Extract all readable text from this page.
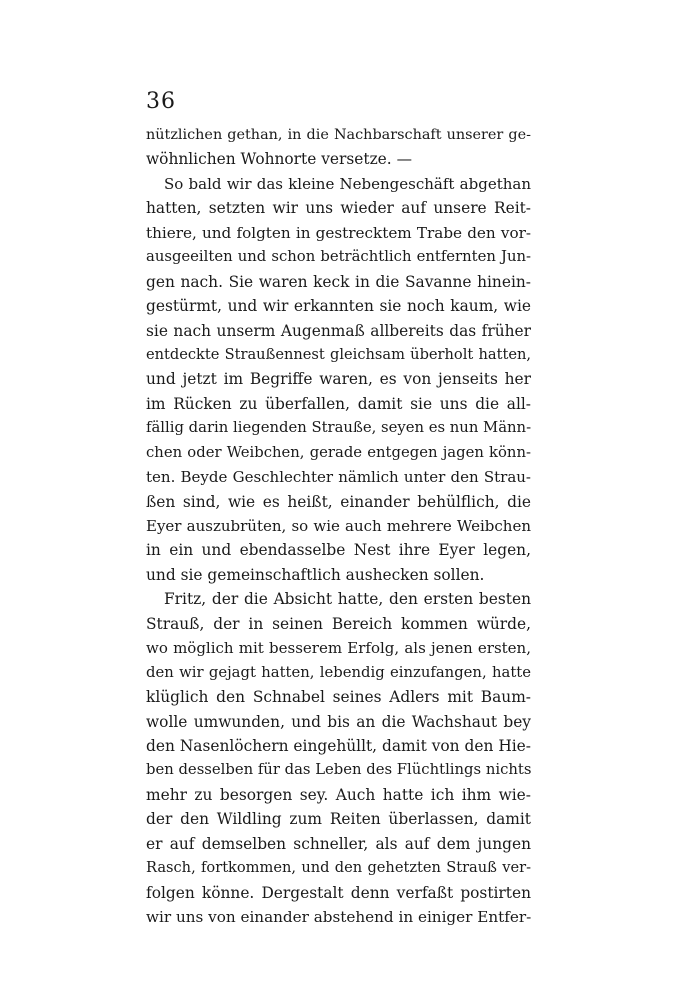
36
nützlichen gethan, in die Nachbarschaft unserer ge-
wöhnlichen Wohnorte versetze. —
So bald wir das kleine Nebengeschäft abgethan
hatten, setzten wir uns wieder auf unsere Reit-
thiere, und folgten in gestrecktem Trabe den vor-
ausgeeilten und schon beträchtlich entfernten Jun-
gen nach. Sie waren keck in die Savanne hinein-
gestürmt, und wir erkannten sie noch kaum, wie
sie nach unserm Augenmaß allbereits das früher
entdeckte Straußennest gleichsam überholt hatten,
und jetzt im Begriffe waren, es von jenseits her
im Rücken zu überfallen, damit sie uns die all-
fällig darin liegenden Strauße, seyen es nun Männ-
chen oder Weibchen, gerade entgegen jagen könn-
ten. Beyde Geschlechter nämlich unter den Strau-
ßen sind, wie es heißt, einander behülflich, die
Eyer auszubrüten, so wie auch mehrere Weibchen
in ein und ebendasselbe Nest ihre Eyer legen,
und sie gemeinschaftlich aushecken sollen.
Fritz, der die Absicht hatte, den ersten besten
Strauß, der in seinen Bereich kommen würde,
wo möglich mit besserem Erfolg, als jenen ersten,
den wir gejagt hatten, lebendig einzufangen, hatte
klüglich den Schnabel seines Adlers mit Baum-
wolle umwunden, und bis an die Wachshaut bey
den Nasenlöchern eingehüllt, damit von den Hie-
ben desselben für das Leben des Flüchtlings nichts
mehr zu besorgen sey. Auch hatte ich ihm wie-
der den Wildling zum Reiten überlassen, damit
er auf demselben schneller, als auf dem jungen
Rasch, fortkommen, und den gehetzten Strauß ver-
folgen könne. Dergestalt denn verfaßt postirten
wir uns von einander abstehend in einiger Entfer-
